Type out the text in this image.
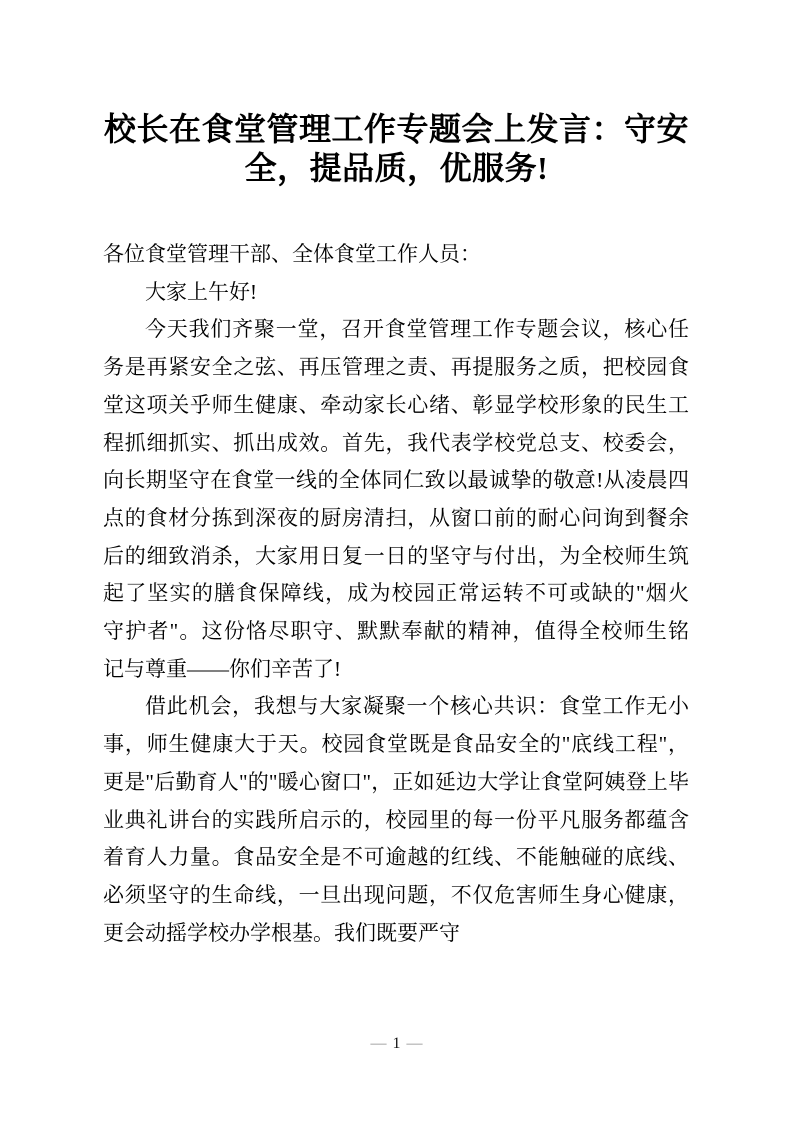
校长在食堂管理工作专题会上发言：守安
全，提品质，优服务!

各位食堂管理干部、全体食堂工作人员：

大家上午好!

今天我们齐聚一堂，召开食堂管理工作专题会议，核心任
务是再紧安全之弦、再压管理之责、再提服务之质，把校园食
堂这项关乎师生健康、牵动家长心绪、彰显学校形象的民生工
程抓细抓实、抓出成效。首先，我代表学校党总支、校委会，
向长期坚守在食堂一线的全体同仁致以最诚挚的敬意!从凌晨四
点的食材分拣到深夜的厨房清扫，从窗口前的耐心问询到餐余
后的细致消杀，大家用日复一日的坚守与付出，为全校师生筑
起了坚实的膳食保障线，成为校园正常运转不可或缺的"烟火
守护者"。这份恪尽职守、默默奉献的精神，值得全校师生铭
记与尊重——你们辛苦了!

借此机会，我想与大家凝聚一个核心共识：食堂工作无小
事，师生健康大于天。校园食堂既是食品安全的"底线工程"，
更是"后勤育人"的"暖心窗口"，正如延边大学让食堂阿姨登上毕
业典礼讲台的实践所启示的，校园里的每一份平凡服务都蕴含
着育人力量。食品安全是不可逾越的红线、不能触碰的底线、
必须坚守的生命线，一旦出现问题，不仅危害师生身心健康，
更会动摇学校办学根基。我们既要严守

— 1 —
